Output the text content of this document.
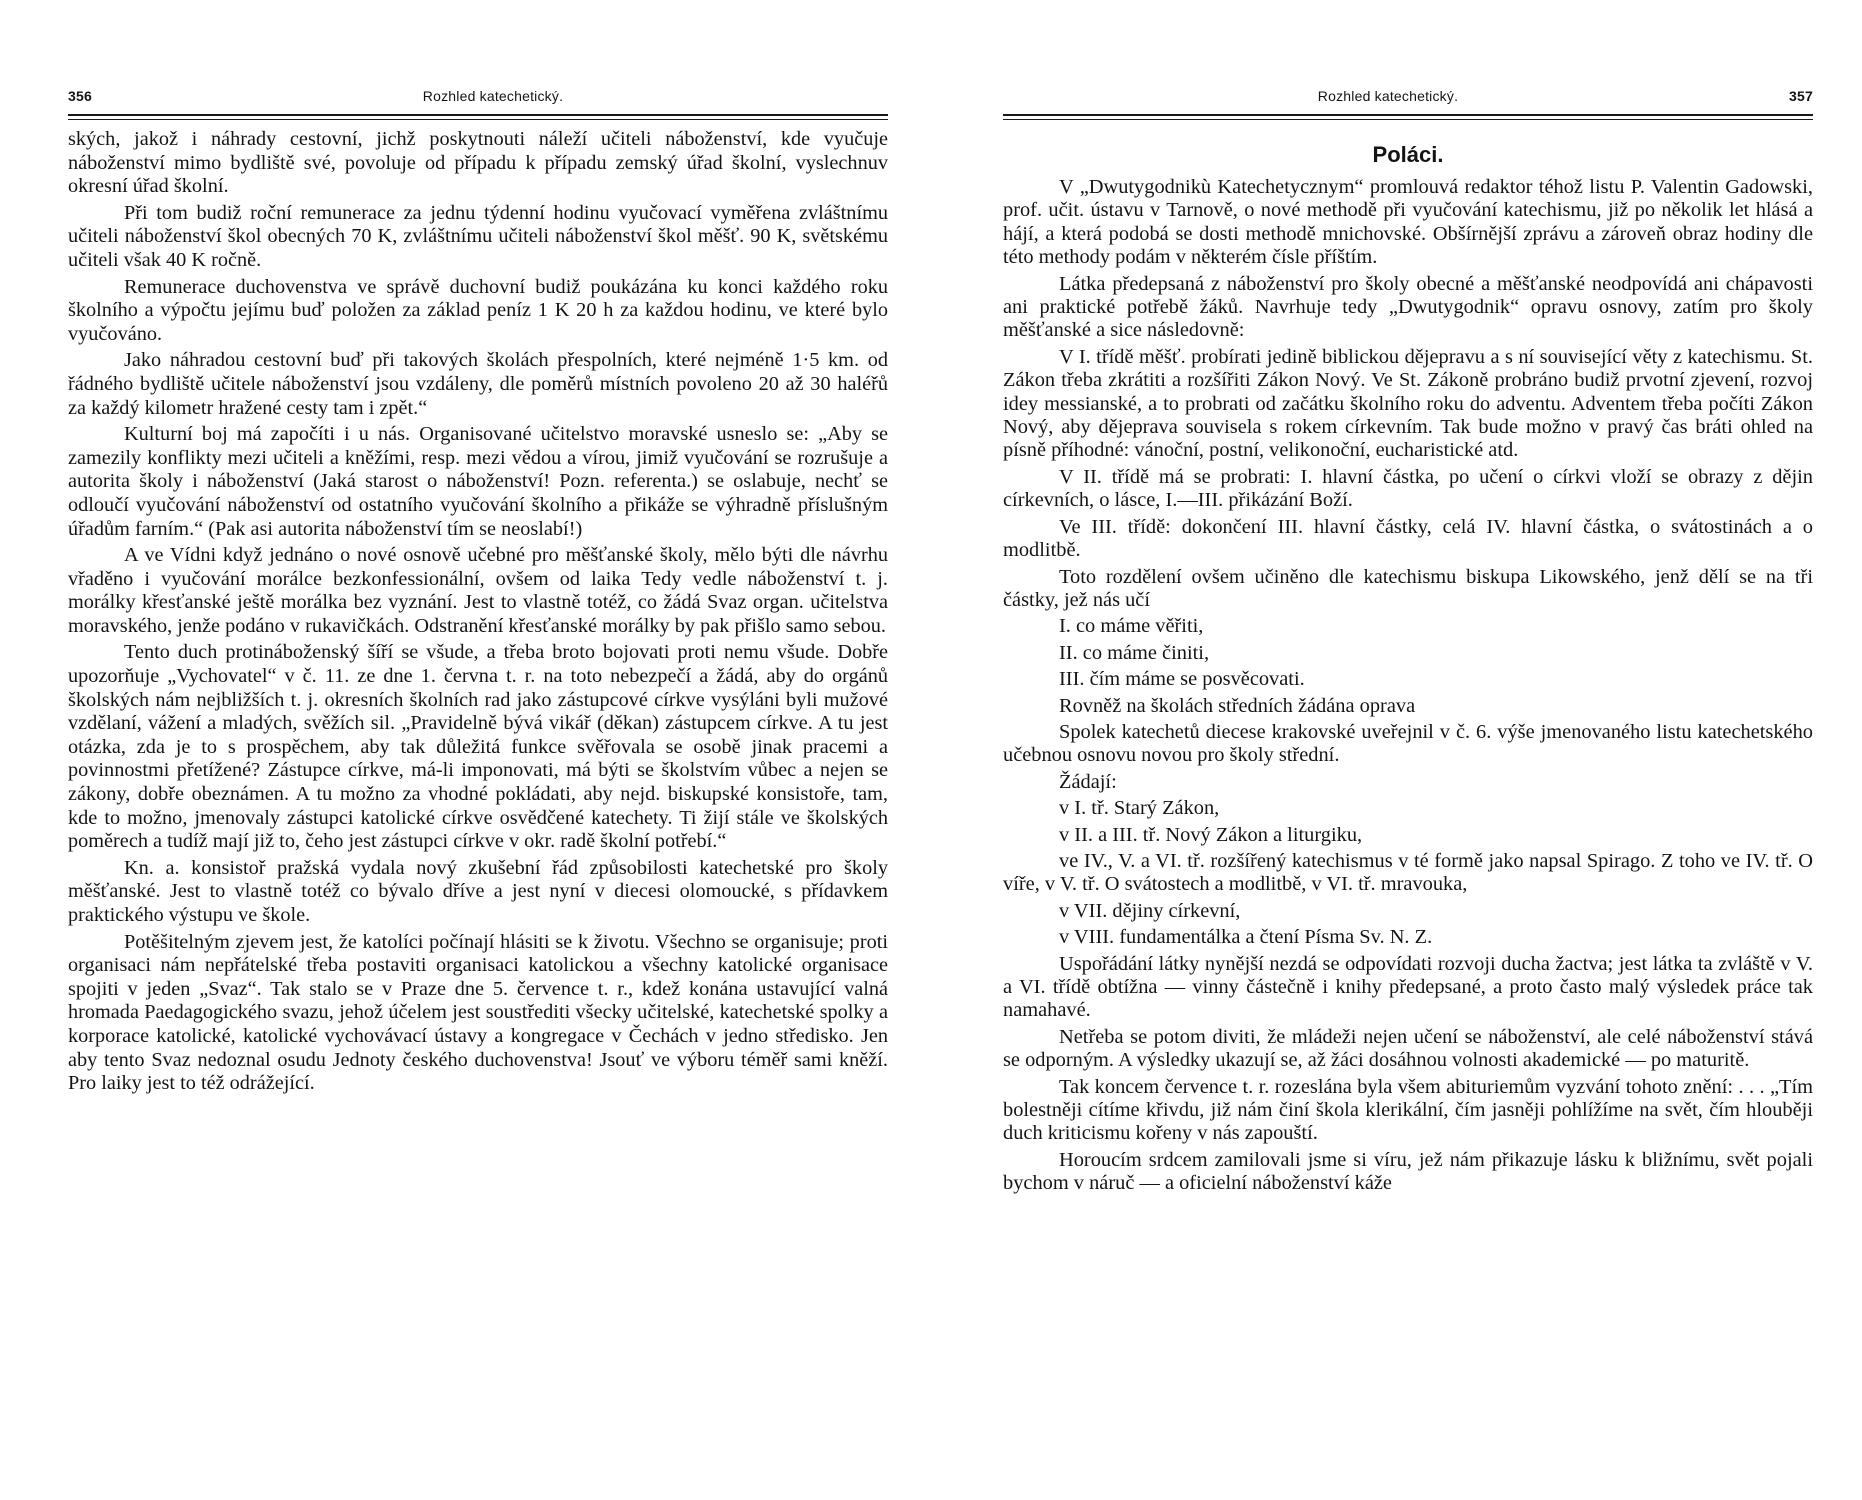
356	Rozhled katechetický.

ských, jakož i náhrady cestovní, jichž poskytnouti náleží učiteli náboženství, kde vyučuje náboženství mimo bydliště své, povoluje od případu k případu zemský úřad školní, vyslechnuv okresní úřad školní.

Při tom budiž roční remunerace za jednu týdenní hodinu vyučovací vyměřena zvláštnímu učiteli náboženství škol obecných 70 K, zvláštnímu učiteli náboženství škol měšť. 90 K, světskému učiteli však 40 K ročně.

Remunerace duchovenstva ve správě duchovní budiž poukázána ku konci každého roku školního a výpočtu jejímu buď položen za základ peníz 1 K 20 h za každou hodinu, ve které bylo vyučováno.

Jako náhradou cestovní buď při takových školách přespolních, které nejméně 1·5 km. od řádného bydliště učitele náboženství jsou vzdáleny, dle poměrů místních povoleno 20 až 30 haléřů za každý kilometr hražené cesty tam i zpět.“

Kulturní boj má započíti i u nás. Organisované učitelstvo moravské usneslo se: „Aby se zamezily konflikty mezi učiteli a kněžími, resp. mezi vědou a vírou, jimiž vyučování se rozrušuje a autorita školy i náboženství (Jaká starost o náboženství! Pozn. referenta.) se oslabuje, nechť se odloučí vyučování náboženství od ostatního vyučování školního a přikáže se výhradně příslušným úřadům farním.“ (Pak asi autorita náboženství tím se neoslabí!)

A ve Vídni když jednáno o nové osnově učebné pro měšťanské školy, mělo býti dle návrhu vřaděno i vyučování morálce bezkonfessionální, ovšem od laika Tedy vedle náboženství t. j. morálky křesťanské ještě morálka bez vyznání. Jest to vlastně totéž, co žádá Svaz organ. učitelstva moravského, jenže podáno v rukavičkách. Odstranění křesťanské morálky by pak přišlo samo sebou.

Tento duch protináboženský šíří se všude, a třeba broto bojovati proti nemu všude. Dobře upozorňuje „Vychovatel“ v č. 11. ze dne 1. června t. r. na toto nebezpečí a žádá, aby do orgánů školských nám nejbližších t. j. okresních školních rad jako zástupcové církve vysýláni byli mužové vzdělaní, vážení a mladých, svěžích sil. „Pravidelně bývá vikář (děkan) zástupcem církve. A tu jest otázka, zda je to s prospěchem, aby tak důležitá funkce svěřovala se osobě jinak pracemi a povinnostmi přetížené? Zástupce církve, má-li imponovati, má býti se školstvím vůbec a nejen se zákony, dobře obeznámen. A tu možno za vhodné pokládati, aby nejd. biskupské konsistoře, tam, kde to možno, jmenovaly zástupci katolické církve osvědčené katechety. Ti žijí stále ve školských poměrech a tudíž mají již to, čeho jest zástupci církve v okr. radě školní potřebí.“

Kn. a. konsistoř pražská vydala nový zkušební řád způsobilosti katechetské pro školy měšťanské. Jest to vlastně totéž co bývalo dříve a jest nyní v diecesi olomoucké, s přídavkem praktického výstupu ve škole.

Potěšitelným zjevem jest, že katolíci počínají hlásiti se k životu. Všechno se organisuje; proti organisaci nám nepřátelské třeba postaviti organisaci katolickou a všechny katolické organisace spojiti v jeden „Svaz“. Tak stalo se v Praze dne 5. července t. r., kdež konána ustavující valná hromada Paedagogického svazu, jehož účelem jest soustřediti všecky učitelské, katechetské spolky a korporace katolické, katolické vychovávací ústavy a kongregace v Čechách v jedno středisko. Jen aby tento Svaz nedoznal osudu Jednoty českého duchovenstva! Jsouť ve výboru téměř sami kněží. Pro laiky jest to též odrážející.

Rozhled katechetický.	357
Poláci.

V „Dwutygodnikù Katechetycznym“ promlouvá redaktor téhož listu P. Valentin Gadowski, prof. učit. ústavu v Tarnově, o nové methodě při vyučování katechismu, již po několik let hlásá a hájí, a která podobá se dosti methodě mnichovské. Obšírnější zprávu a zároveň obraz hodiny dle této methody podám v některém čísle příštím.

Látka předepsaná z náboženství pro školy obecné a měšťanské neodpovídá ani chápavosti ani praktické potřebě žáků. Navrhuje tedy „Dwutygodnik“ opravu osnovy, zatím pro školy měšťanské a sice následovně:

V I. třídě měšť. probírati jedině biblickou dějepravu a s ní související věty z katechismu. St. Zákon třeba zkrátiti a rozšířiti Zákon Nový. Ve St. Zákoně probráno budiž prvotní zjevení, rozvoj idey messianské, a to probrati od začátku školního roku do adventu. Adventem třeba počíti Zákon Nový, aby dějeprava souvisela s rokem církevním. Tak bude možno v pravý čas bráti ohled na písně příhodné: vánoční, postní, velikonoční, eucharistické atd.

V II. třídě má se probrati: I. hlavní částka, po učení o církvi vloží se obrazy z dějin církevních, o lásce, I.—III. přikázání Boží.

Ve III. třídě: dokončení III. hlavní částky, celá IV. hlavní částka, o svátostinách a o modlitbě.

Toto rozdělení ovšem učiněno dle katechismu biskupa Likowského, jenž dělí se na tři částky, jež nás učí

I. co máme věřiti,

II. co máme činiti,

III. čím máme se posvěcovati.

Rovněž na školách středních žádána oprava

Spolek katechetů diecese krakovské uveřejnil v č. 6. výše jmenovaného listu katechetského učebnou osnovu novou pro školy střední.

Žádají:

v I. tř. Starý Zákon,

v II. a III. tř. Nový Zákon a liturgiku,

ve IV., V. a VI. tř. rozšířený katechismus v té formě jako napsal Spirago. Z toho ve IV. tř. O víře, v V. tř. O svátostech a modlitbě, v VI. tř. mravouka,

v VII. dějiny církevní,

v VIII. fundamentálka a čtení Písma Sv. N. Z.

Uspořádání látky nynější nezdá se odpovídati rozvoji ducha žactva; jest látka ta zvláště v V. a VI. třídě obtížna — vinny částečně i knihy předepsané, a proto často malý výsledek práce tak namahavé.

Netřeba se potom diviti, že mládeži nejen učení se náboženství, ale celé náboženství stává se odporným. A výsledky ukazují se, až žáci dosáhnou volnosti akademické — po maturitě.

Tak koncem července t. r. rozeslána byla všem abituriemům vyzvání tohoto znění: . . . „Tím bolestněji cítíme křivdu, již nám činí škola klerikální, čím jasněji pohlížíme na svět, čím hlouběji duch kriticismu kořeny v nás zapouští.

Horoucím srdcem zamilovali jsme si víru, jež nám přikazuje lásku k bližnímu, svět pojali bychom v náruč — a oficielní náboženství káže
